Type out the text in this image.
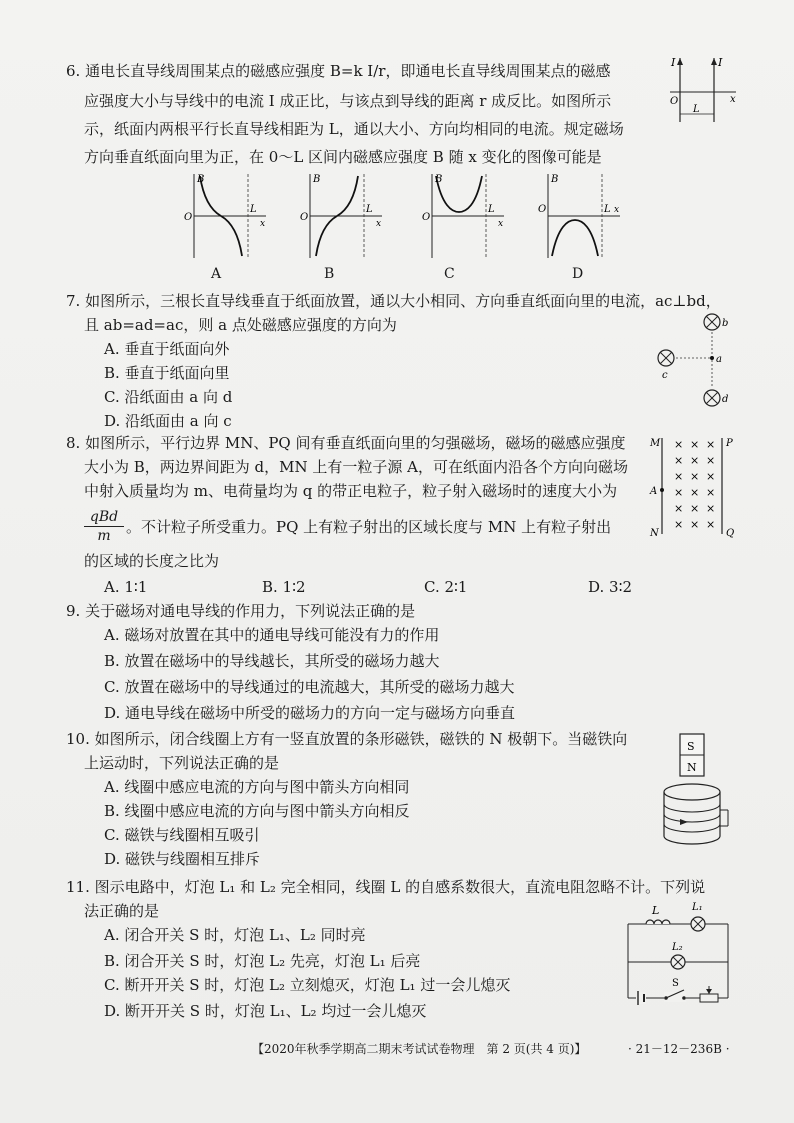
6. 通电长直导线周围某点的磁感应强度 B=k I/r，即通电长直导线周围某点的磁感
应强度大小与导线中的电流 I 成正比，与该点到导线的距离 r 成反比。如图所示
示，纸面内两根平行长直导线相距为 L，通以大小、方向均相同的电流。规定磁场
方向垂直纸面向里为正，在 0～L 区间内磁感应强度 B 随 x 变化的图像可能是
I	I
O	x
L
B
O
L
x
A
B
O
L
x
B
B
O
L
x
C
B
O	L x
D
7. 如图所示，三根长直导线垂直于纸面放置，通以大小相同、方向垂直纸面向里的电流，ac⊥bd，
且 ab=ad=ac，则 a 点处磁感应强度的方向为
A. 垂直于纸面向外
B. 垂直于纸面向里
C. 沿纸面由 a 向 d
D. 沿纸面由 a 向 c
b
a
c
d
8. 如图所示，平行边界 MN、PQ 间有垂直纸面向里的匀强磁场，磁场的磁感应强度
大小为 B，两边界间距为 d，MN 上有一粒子源 A，可在纸面内沿各个方向向磁场
中射入质量均为 m、电荷量均为 q 的带正电粒子，粒子射入磁场时的速度大小为
qBd
m	。不计粒子所受重力。PQ 上有粒子射出的区域长度与 MN 上有粒子射出
的区域的长度之比为
A. 1∶1	B. 1∶2	C. 2∶1	D. 3∶2
M	P
A
N	Q
× × ×
× × ×
× × ×
× × ×
× × ×
× × ×
9. 关于磁场对通电导线的作用力，下列说法正确的是
A. 磁场对放置在其中的通电导线可能没有力的作用
B. 放置在磁场中的导线越长，其所受的磁场力越大
C. 放置在磁场中的导线通过的电流越大，其所受的磁场力越大
D. 通电导线在磁场中所受的磁场力的方向一定与磁场方向垂直
10. 如图所示，闭合线圈上方有一竖直放置的条形磁铁，磁铁的 N 极朝下。当磁铁向
上运动时，下列说法正确的是
A. 线圈中感应电流的方向与图中箭头方向相同
B. 线圈中感应电流的方向与图中箭头方向相反
C. 磁铁与线圈相互吸引
D. 磁铁与线圈相互排斥
S
N
11. 图示电路中，灯泡 L₁ 和 L₂ 完全相同，线圈 L 的自感系数很大，直流电阻忽略不计。下列说
法正确的是
A. 闭合开关 S 时，灯泡 L₁、L₂ 同时亮
B. 闭合开关 S 时，灯泡 L₂ 先亮，灯泡 L₁ 后亮
C. 断开开关 S 时，灯泡 L₂ 立刻熄灭，灯泡 L₁ 过一会儿熄灭
D. 断开开关 S 时，灯泡 L₁、L₂ 均过一会儿熄灭
L	L₁
L₂
S
【2020年秋季学期高二期末考试试卷物理　第 2 页(共 4 页)】	· 21－12－236B ·
